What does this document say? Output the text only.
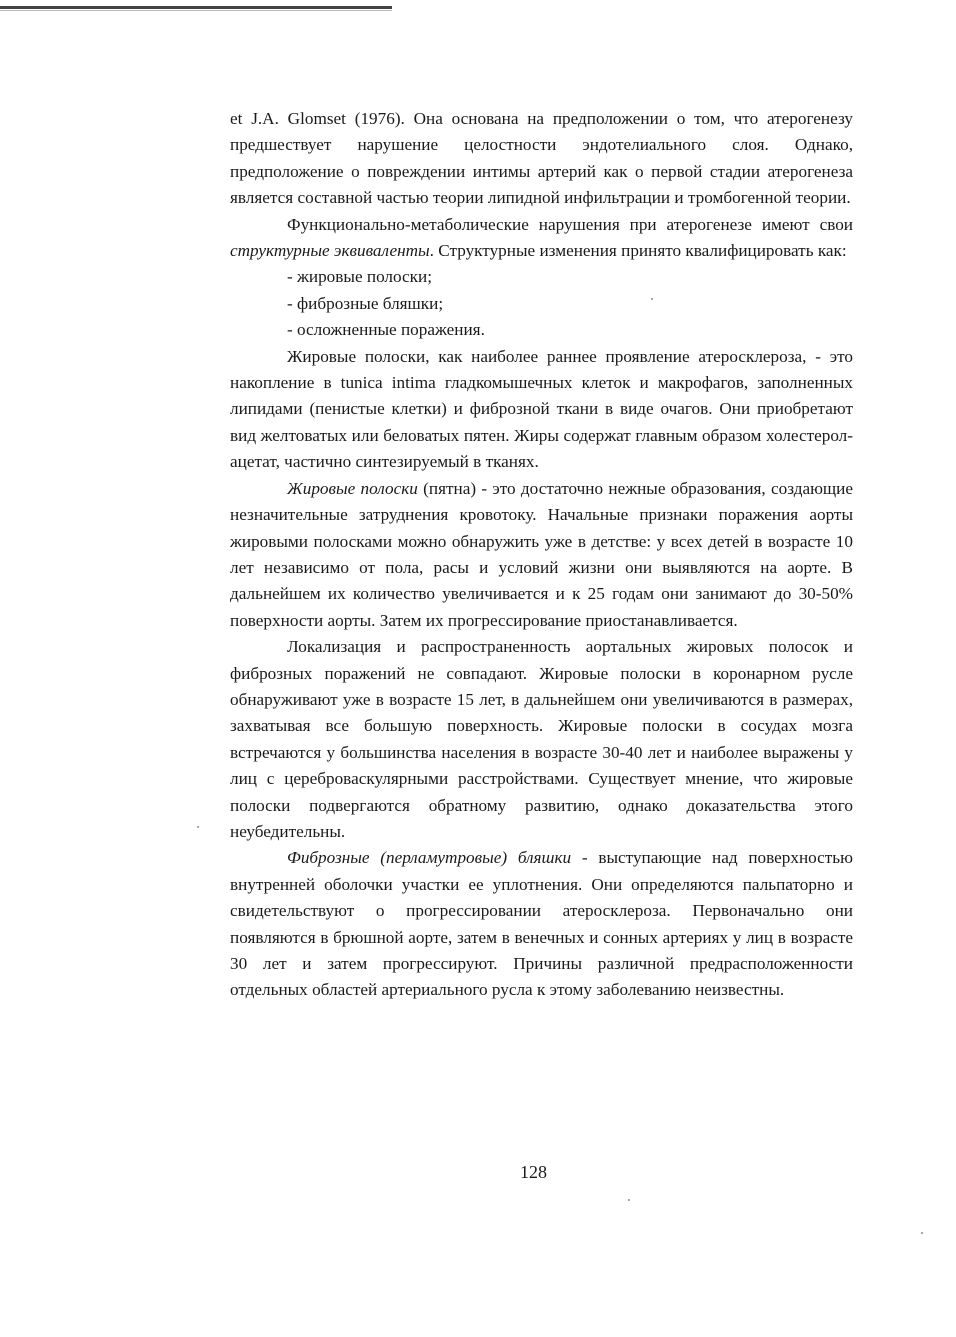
et J.A. Glomset (1976). Она основана на предположении о том, что атерогенезу предшествует нарушение целостности эндотелиального слоя. Однако, предположение о повреждении интимы артерий как о первой стадии атерогенеза является составной частью теории липидной инфильтрации и тромбогенной теории.

Функционально-метаболические нарушения при атерогенезе имеют свои структурные эквиваленты. Структурные изменения принято квалифицировать как:

- жировые полоски;

- фиброзные бляшки;

- осложненные поражения.

Жировые полоски, как наиболее раннее проявление атеросклероза, - это накопление в tunica intima гладкомышечных клеток и макрофагов, заполненных липидами (пенистые клетки) и фиброзной ткани в виде очагов. Они приобретают вид желтоватых или беловатых пятен. Жиры содержат главным образом холестерол-ацетат, частично синтезируемый в тканях.

Жировые полоски (пятна) - это достаточно нежные образования, создающие незначительные затруднения кровотоку. Начальные признаки поражения аорты жировыми полосками можно обнаружить уже в детстве: у всех детей в возрасте 10 лет независимо от пола, расы и условий жизни они выявляются на аорте. В дальнейшем их количество увеличивается и к 25 годам они занимают до 30-50% поверхности аорты. Затем их прогрессирование приостанавливается.

Локализация и распространенность аортальных жировых полосок и фиброзных поражений не совпадают. Жировые полоски в коронарном русле обнаруживают уже в возрасте 15 лет, в дальнейшем они увеличиваются в размерах, захватывая все большую поверхность. Жировые полоски в сосудах мозга встречаются у большинства населения в возрасте 30-40 лет и наиболее выражены у лиц с цереброваскулярными расстройствами. Существует мнение, что жировые полоски подвергаются обратному развитию, однако доказательства этого неубедительны.

Фиброзные (перламутровые) бляшки - выступающие над поверхностью внутренней оболочки участки ее уплотнения. Они определяются пальпаторно и свидетельствуют о прогрессировании атеросклероза. Первоначально они появляются в брюшной аорте, затем в венечных и сонных артериях у лиц в возрасте 30 лет и затем прогрессируют. Причины различной предрасположенности отдельных областей артериального русла к этому заболеванию неизвестны.

128
